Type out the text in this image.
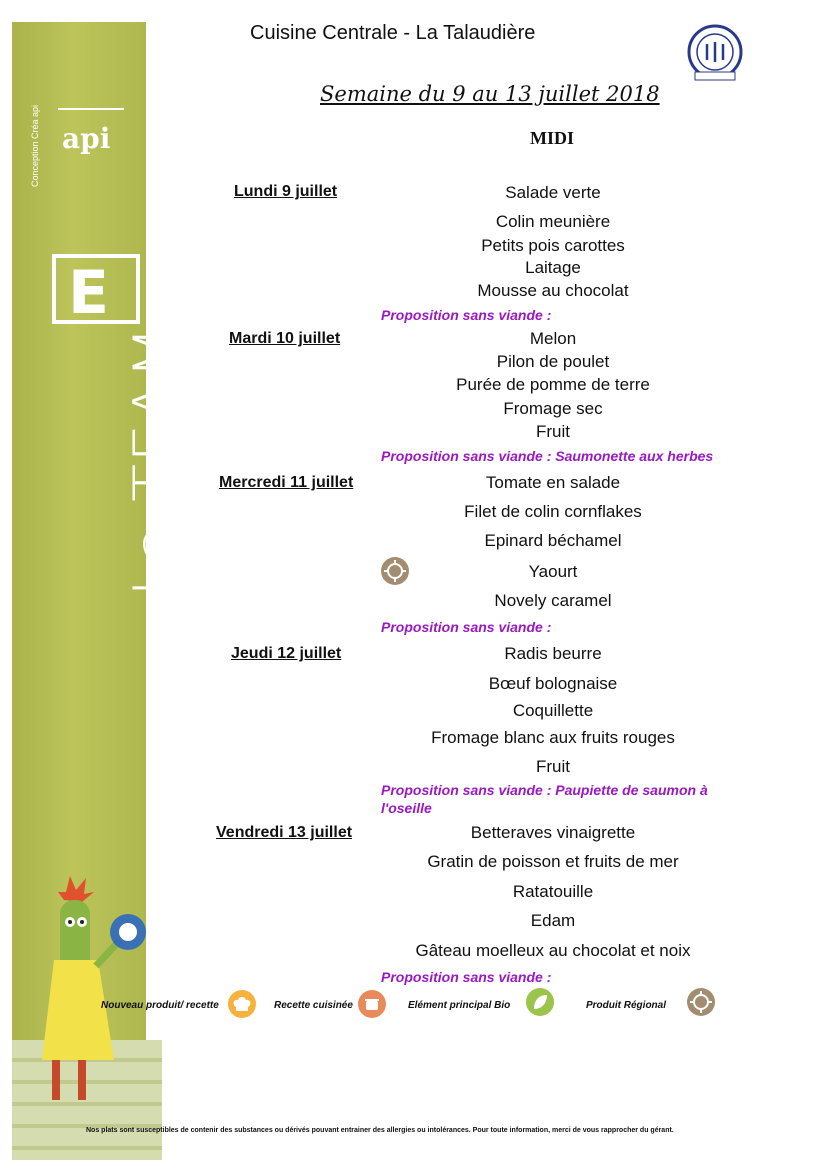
api
Conception Créa api
E
La TEAM
Cuisine Centrale - La Talaudière
Semaine du 9 au 13 juillet 2018
MIDI
Lundi 9 juillet	Salade verte
Colin meunière
Petits pois carottes
Laitage
Mousse au chocolat
Proposition sans viande :
Mardi 10 juillet	Melon
Pilon de poulet
Purée de pomme de terre
Fromage sec
Fruit
Proposition sans viande : Saumonette aux herbes
Mercredi 11 juillet	Tomate en salade
Filet de colin cornflakes
Epinard béchamel
Yaourt
Novely caramel
Proposition sans viande :
Jeudi 12 juillet	Radis beurre
Bœuf bolognaise
Coquillette
Fromage blanc aux fruits rouges
Fruit
Proposition sans viande : Paupiette de saumon à l'oseille
Vendredi 13 juillet	Betteraves vinaigrette
Gratin de poisson et fruits de mer
Ratatouille
Edam
Gâteau moelleux au chocolat et noix
Proposition sans viande :
Nouveau produit/ recette	Recette cuisinée	Elément principal Bio	Produit Régional
Nos plats sont susceptibles de contenir des substances ou dérivés pouvant entrainer des allergies ou intolérances. Pour toute information, merci de vous rapprocher du gérant.
